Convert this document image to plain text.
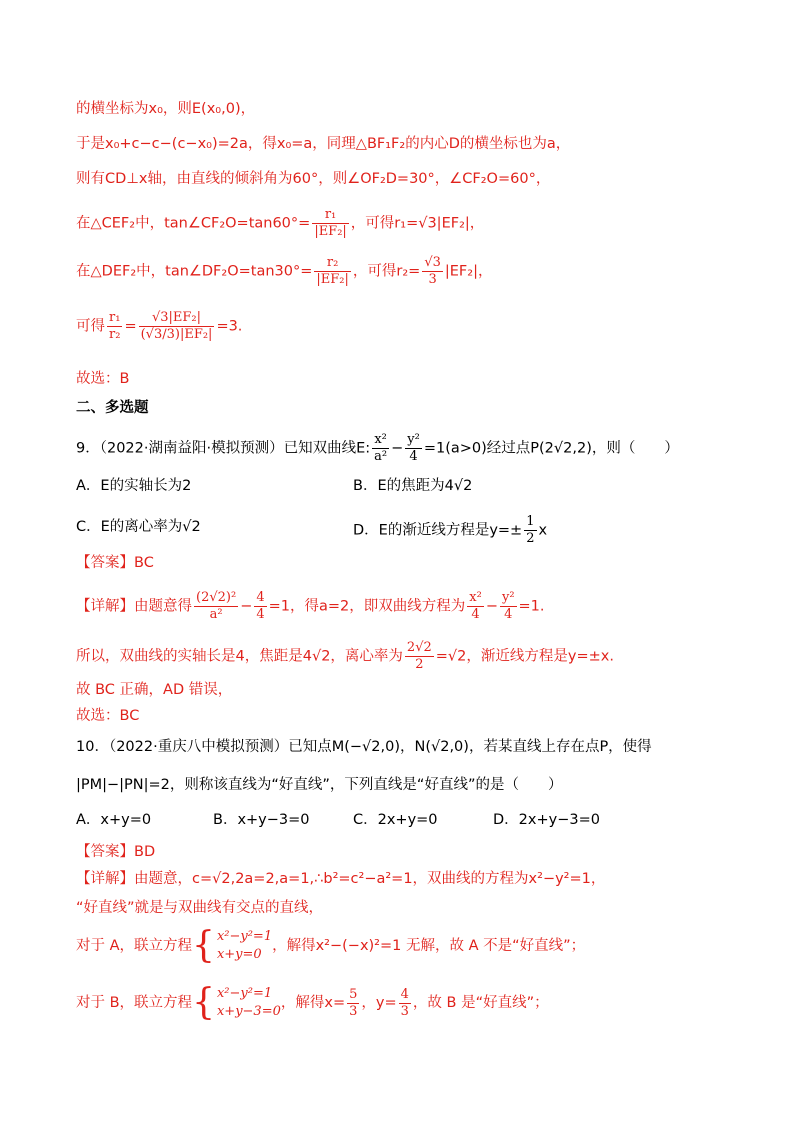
的横坐标为x₀，则E(x₀,0)，
于是x₀+c−c−(c−x₀)=2a，得x₀=a，同理△BF₁F₂的内心D的横坐标也为a，
则有CD⊥x轴，由直线的倾斜角为60°，则∠OF₂D=30°，∠CF₂O=60°，
在△CEF₂中，tan∠CF₂O=tan60°= $\frac{\text{r₁}}{\text{|EF₂|}}$ ，可得r₁=√3|EF₂|，
在△DEF₂中，tan∠DF₂O=tan30°= $\frac{\text{r₂}}{\text{|EF₂|}}$ ，可得$r_2= \frac{√3}{3} |EF_2|$，
可得 $\frac{\text{r₁}}{\text{r₂}} = \frac{\text{√3|EF₂|}}{\text{(√3/3)|EF₂|}} =3$.
故选：B
二、多选题
9．（2022·湖南益阳·模拟预测）已知双曲线E: $\frac{\text{x²}}{\text{a²}} - \frac{\text{y²}}{4} =1(a>0)$经过点P(2√2,2)，则（　　）
A．E的实轴长为2	B．E的焦距为4√2
C．E的离心率为√2	D．E的渐近线方程是$y=\pm \frac{1}{2}$ x
【答案】BC
【详解】由题意得 $\frac{\text{(2√2)²}}{\text{a²}} - \frac{4}{4} =1$，得a=2，即双曲线方程为 $\frac{\text{x²}}{4} - \frac{\text{y²}}{4} =1$.
所以，双曲线的实轴长是4，焦距是4√2，离心率为 $\frac{2√2}{2} =√2$，渐近线方程是y=±x.
故 BC 正确，AD 错误，
故选：BC
10．（2022·重庆八中模拟预测）已知点M(−√2,0)，N(√2,0)，若某直线上存在点P，使得
|PM|−|PN|=2，则称该直线为“好直线”，下列直线是“好直线”的是（　　）
A．x+y=0	B．x+y−3=0	C．2x+y=0	D．2x+y−3=0
【答案】BD
【详解】由题意，c=√2,2a=2,a=1,∴b²=c²−a²=1，双曲线的方程为x²−y²=1，
“好直线”就是与双曲线有交点的直线，
对于 A，联立方程{ x²−y²=1
x+y=0
，解得x²−(−x)²=1 无解，故 A 不是“好直线”；
对于 B，联立方程{ x²−y²=1
x+y−3=0
，解得$x= \frac{5}{3}$ ，$y= \frac{4}{3}$ ，故 B 是“好直线”；
